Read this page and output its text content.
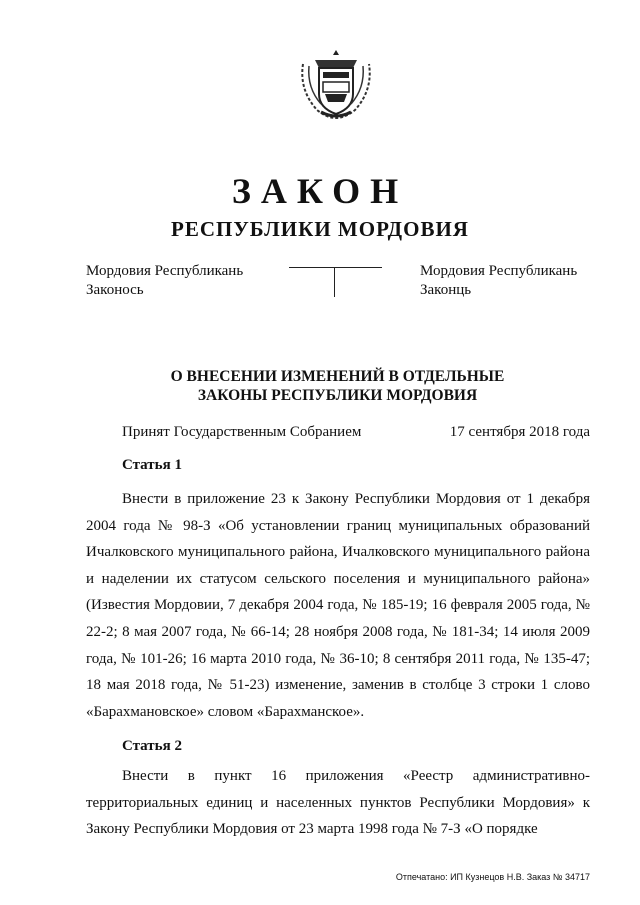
ЗАКОН
РЕСПУБЛИКИ МОРДОВИЯ
Мордовия Республикань
Законось
Мордовия Республикань
Законць
О ВНЕСЕНИИ ИЗМЕНЕНИЙ В ОТДЕЛЬНЫЕ
ЗАКОНЫ РЕСПУБЛИКИ МОРДОВИЯ
Принят Государственным Собранием	17 сентября 2018 года
Статья 1
Внести в приложение 23 к Закону Республики Мордовия от 1 декабря 2004 года № 98-З «Об установлении границ муниципальных образований Ичалковского муниципального района, Ичалковского муниципального района и наделении их статусом сельского поселения и муниципального района» (Известия Мордовии, 7 декабря 2004 года, № 185-19; 16 февраля 2005 года, № 22-2; 8 мая 2007 года, № 66-14; 28 ноября 2008 года, № 181-34; 14 июля 2009 года, № 101-26; 16 марта 2010 года, № 36-10; 8 сентября 2011 года, № 135-47; 18 мая 2018 года, № 51-23) изменение, заменив в столбце 3 строки 1 слово «Барахмановское» словом «Барахманское».
Статья 2
Внести в пункт 16 приложения «Реестр административно-территориальных единиц и населенных пунктов Республики Мордовия» к Закону Республики Мордовия от 23 марта 1998 года № 7-З «О порядке
Отпечатано: ИП Кузнецов Н.В. Заказ № 34717
